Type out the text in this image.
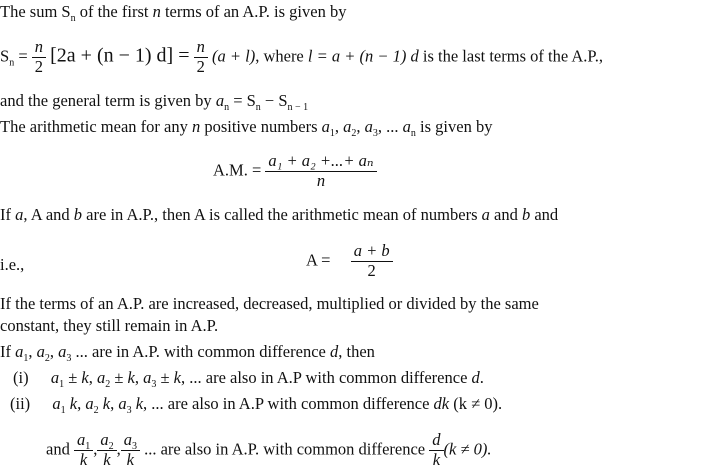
The sum $S_n$ of the first n terms of an A.P. is given by
$S_n = \frac{n}{2} [2a + (n - 1) d] = \frac{n}{2} (a + l)$, where l = a + (n − 1) d is the last terms of the A.P.,
and the general term is given by $a_n = S_n - S_{n - 1}$
The arithmetic mean for any n positive numbers $a_1$, $a_2$, $a_3$, ... $a_n$ is given by
A.M. = $\frac{\text{a₁ + a₂ +...+ aₙ}}{n}$
If a, A and b are in A.P., then A is called the arithmetic mean of numbers a and b and
i.e.,	$A = \frac{a + b}{2}$
If the terms of an A.P. are increased, decreased, multiplied or divided by the same
constant, they still remain in A.P.
If $a_1$, $a_2$, $a_3$ ... are in A.P. with common difference d, then
(i) $a_1 \pm k$, $a_2 \pm k$, $a_3 \pm k$, ... are also in A.P with common difference d.
(ii) $a_1$ k, $a_2$ k, $a_3$ k, ... are also in A.P with common difference dk (k ≠ 0).
and $\frac{a_1}{k}$ , $\frac{a_2}{k}$ , $\frac{a_3}{k}$ ... are also in A.P. with common difference $\frac{d}{k} (k \ne 0)$.
